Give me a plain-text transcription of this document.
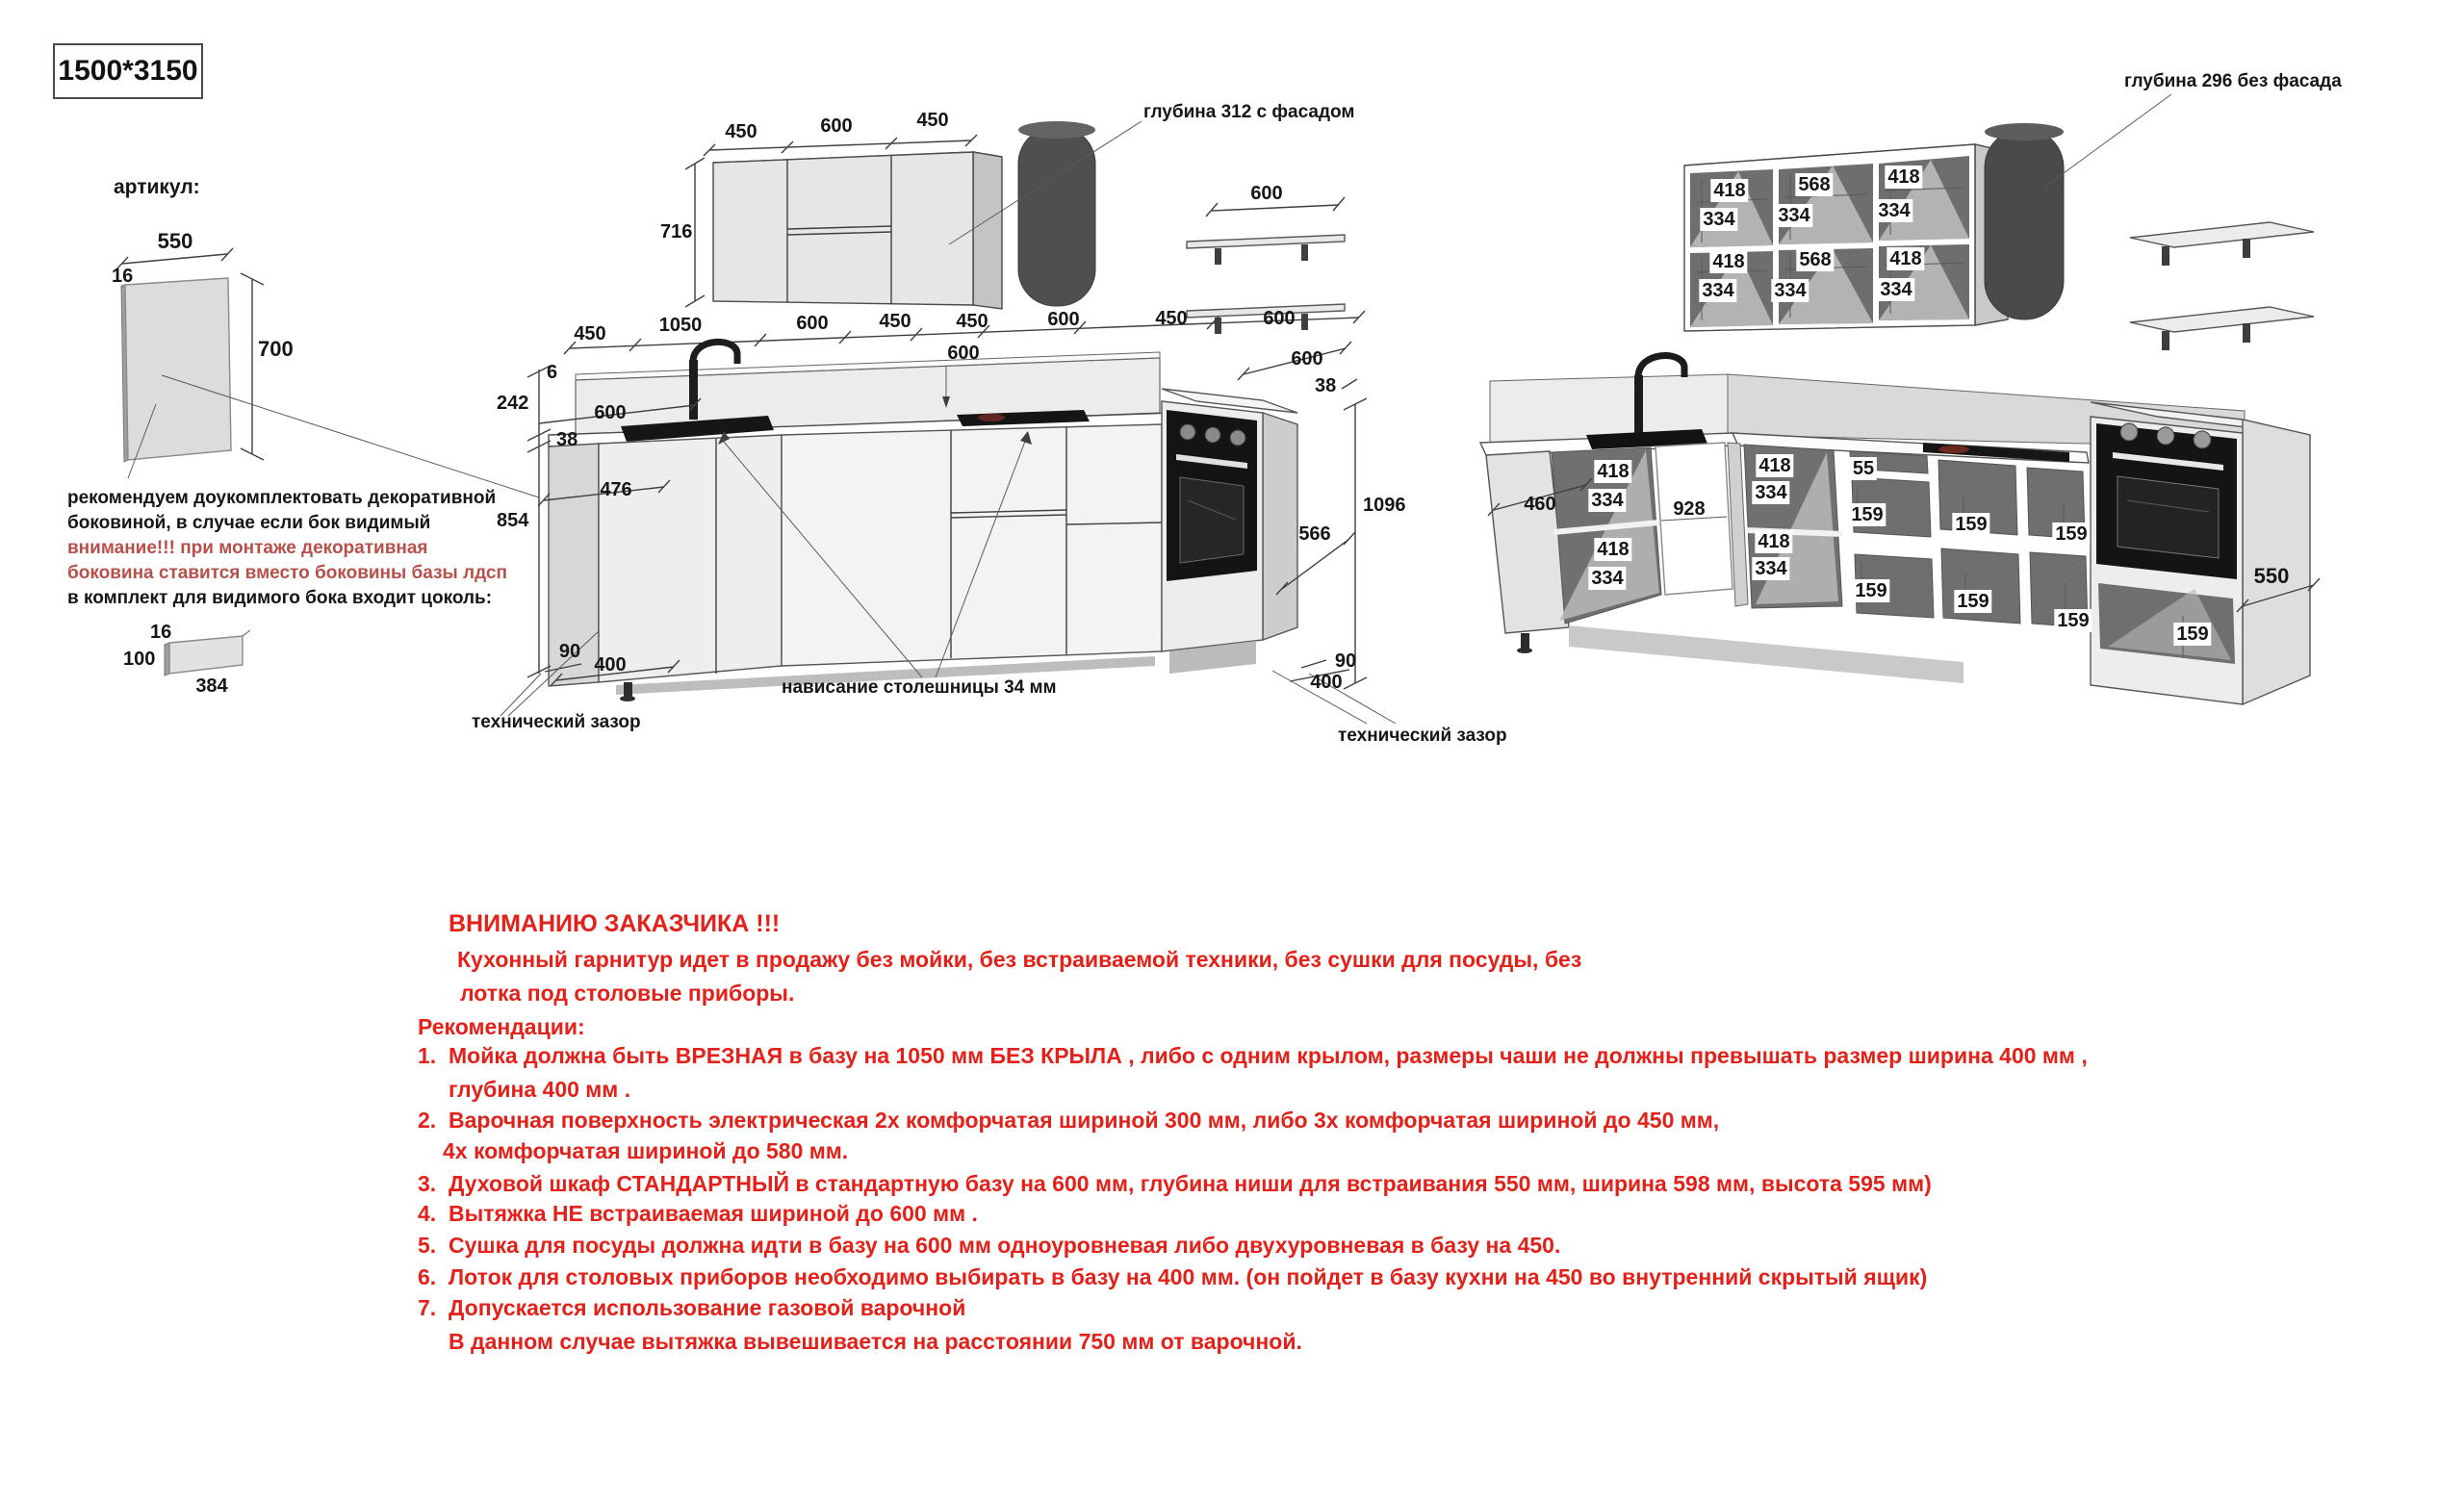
1500*3150
артикул:
550
16
700
рекомендуем доукомплектовать декоративной
боковиной, в случае если бок видимый
внимание!!! при монтаже декоративная
боковина ставится вместо боковины базы лдсп
в комплект для видимого бока входит цоколь:
16
100
384
450	600	450
716
глубина 312 с фасадом
600
450	1050	600	450 450	600	450	600
600
6
242
38
854
600
476
90
400
600
38
1096
566
90
400
технический зазор
нависание столешницы 34 мм
технический зазор
глубина 296 без фасада
418
334
418
334
568
334
568
334
418
334
418
334
460
418
334
418
334
928
418
334
418
334
55
159
159
159
159
159
159
159
550
ВНИМАНИЮ ЗАКАЗЧИКА !!!
Кухонный гарнитур идет в продажу без мойки, без встраиваемой техники, без сушки для посуды, без
лотка под столовые приборы.
Рекомендации:
1. Мойка должна быть ВРЕЗНАЯ в базу на 1050 мм БЕЗ КРЫЛА , либо с одним крылом, размеры чаши не должны превышать размер ширина 400 мм ,
глубина 400 мм .
2. Варочная поверхность электрическая 2х комфорчатая шириной 300 мм, либо 3х комфорчатая шириной до 450 мм,
4х комфорчатая шириной до 580 мм.
3. Духовой шкаф СТАНДАРТНЫЙ в стандартную базу на 600 мм, глубина ниши для встраивания 550 мм, ширина 598 мм, высота 595 мм)
4. Вытяжка НЕ встраиваемая шириной до 600 мм .
5. Сушка для посуды должна идти в базу на 600 мм одноуровневая либо двухуровневая в базу на 450.
6. Лоток для столовых приборов необходимо выбирать в базу на 400 мм. (он пойдет в базу кухни на 450 во внутренний скрытый ящик)
7. Допускается использование газовой варочной
В данном случае вытяжка вывешивается на расстоянии 750 мм от варочной.
